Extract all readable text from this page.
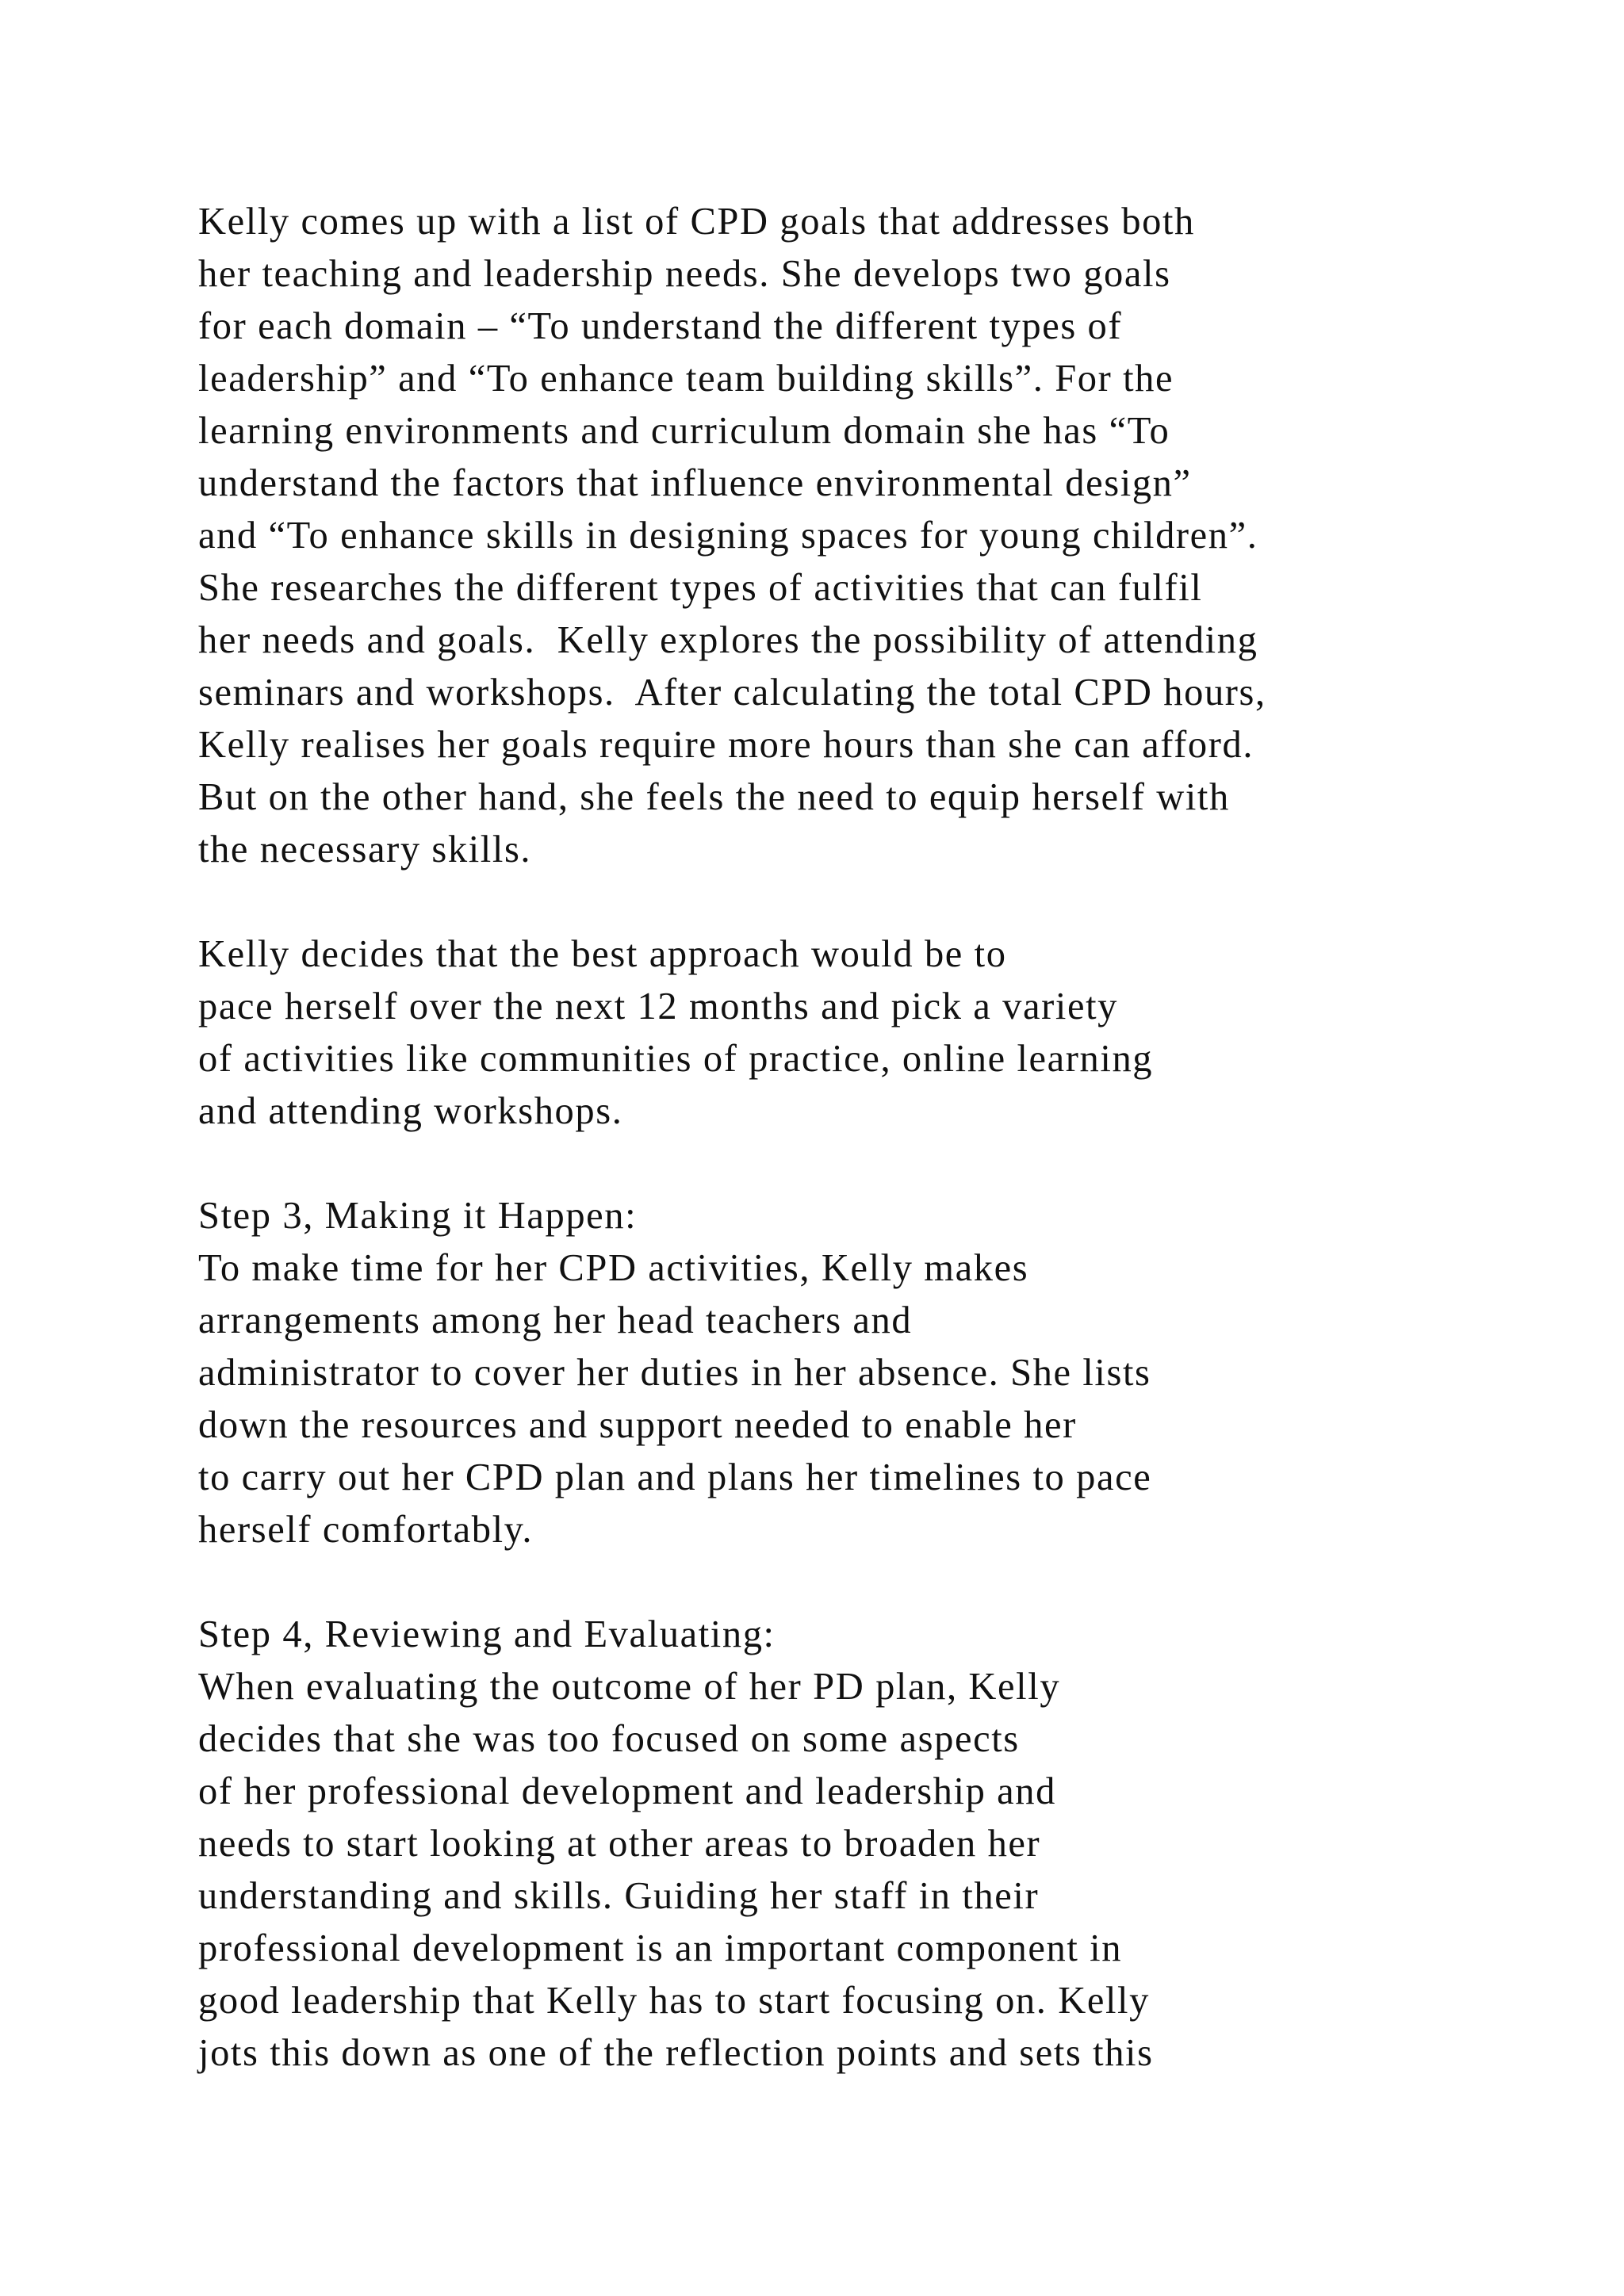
Kelly comes up with a list of CPD goals that addresses both
her teaching and leadership needs. She develops two goals
for each domain – “To understand the different types of
leadership” and “To enhance team building skills”. For the
learning environments and curriculum domain she has “To
understand the factors that influence environmental design”
and “To enhance skills in designing spaces for young children”.
She researches the different types of activities that can fulfil
her needs and goals.  Kelly explores the possibility of attending
seminars and workshops.  After calculating the total CPD hours,
Kelly realises her goals require more hours than she can afford.
But on the other hand, she feels the need to equip herself with
the necessary skills.
Kelly decides that the best approach would be to
pace herself over the next 12 months and pick a variety
of activities like communities of practice, online learning
and attending workshops.
Step 3, Making it Happen:
To make time for her CPD activities, Kelly makes
arrangements among her head teachers and
administrator to cover her duties in her absence. She lists
down the resources and support needed to enable her
to carry out her CPD plan and plans her timelines to pace
herself comfortably.
Step 4, Reviewing and Evaluating:
When evaluating the outcome of her PD plan, Kelly
decides that she was too focused on some aspects
of her professional development and leadership and
needs to start looking at other areas to broaden her
understanding and skills. Guiding her staff in their
professional development is an important component in
good leadership that Kelly has to start focusing on. Kelly
jots this down as one of the reflection points and sets this
